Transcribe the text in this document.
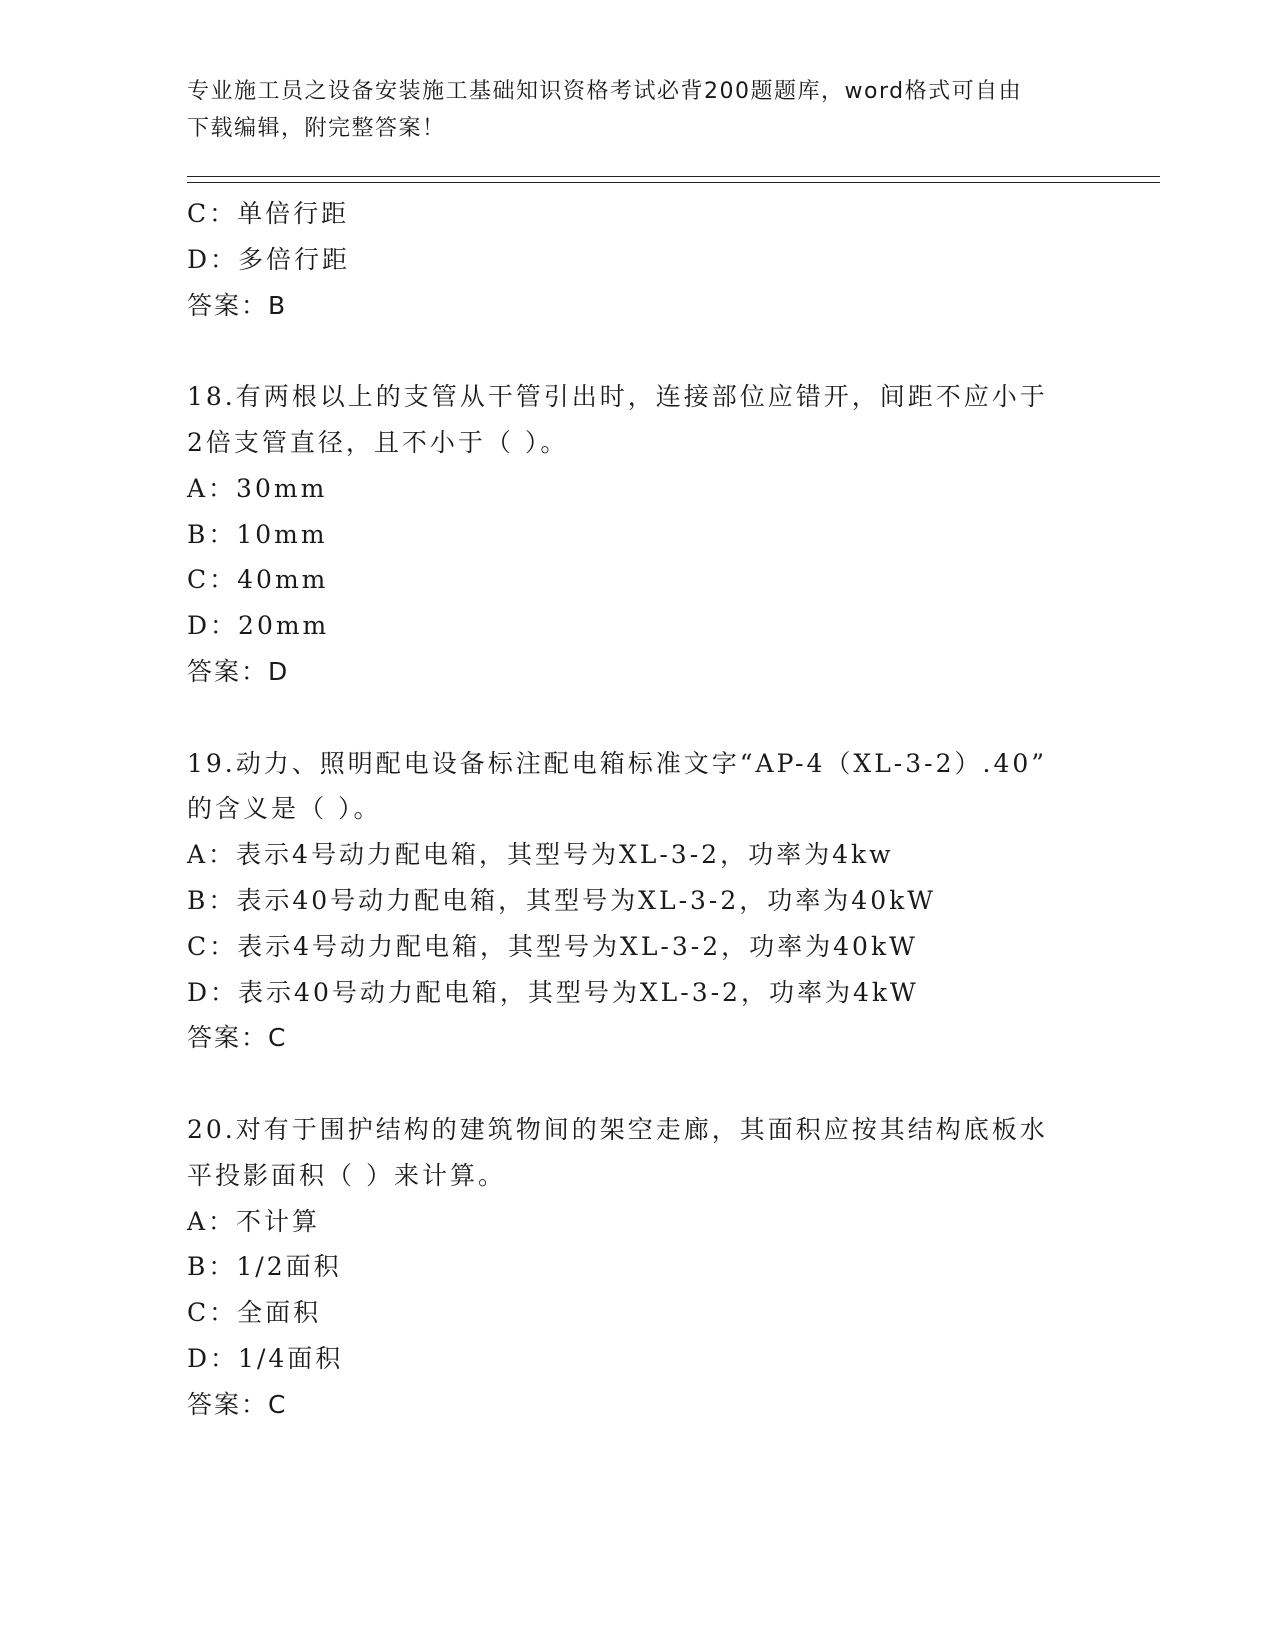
专业施工员之设备安装施工基础知识资格考试必背200题题库，word格式可自由
下载编辑，附完整答案！
C：单倍行距
D：多倍行距
答案：B
18.有两根以上的支管从干管引出时，连接部位应错开，间距不应小于
2倍支管直径，且不小于（ ）。
A：30mm
B：10mm
C：40mm
D：20mm
答案：D
19.动力、照明配电设备标注配电箱标准文字“AP-4（XL-3-2）.40”
的含义是（ ）。
A：表示4号动力配电箱，其型号为XL-3-2，功率为4kw
B：表示40号动力配电箱，其型号为XL-3-2，功率为40kW
C：表示4号动力配电箱，其型号为XL-3-2，功率为40kW
D：表示40号动力配电箱，其型号为XL-3-2，功率为4kW
答案：C
20.对有于围护结构的建筑物间的架空走廊，其面积应按其结构底板水
平投影面积（ ）来计算。
A：不计算
B：1/2面积
C：全面积
D：1/4面积
答案：C
